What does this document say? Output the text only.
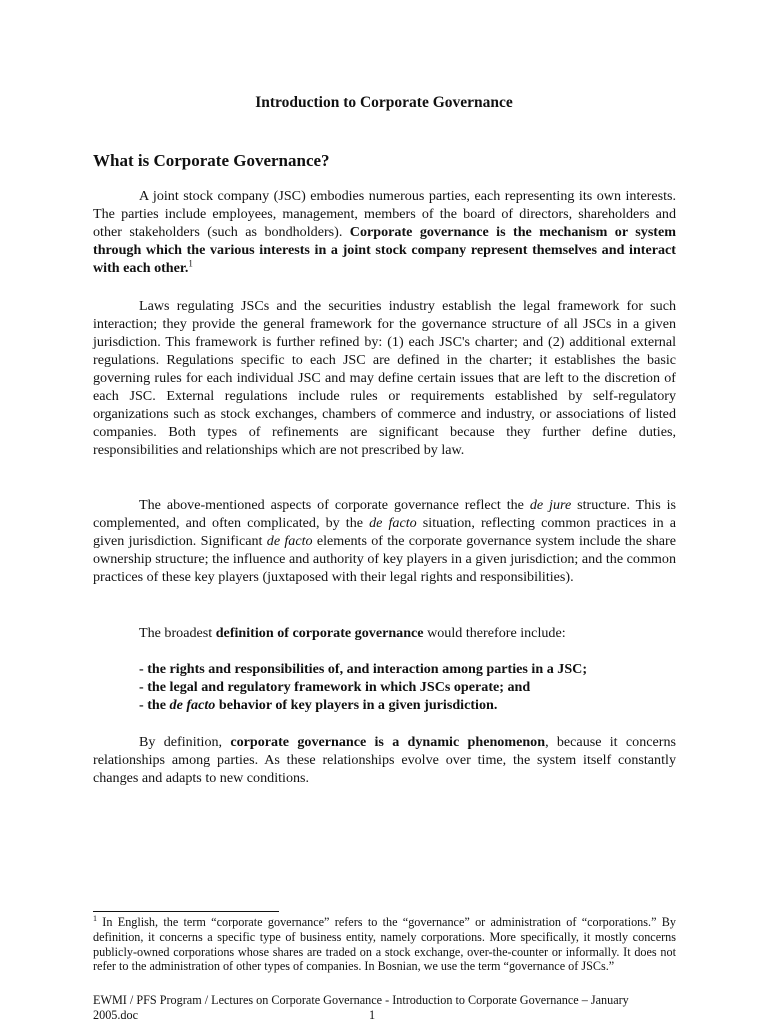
Introduction to Corporate Governance
What is Corporate Governance?

A joint stock company (JSC) embodies numerous parties, each representing its own interests. The parties include employees, management, members of the board of directors, shareholders and other stakeholders (such as bondholders). Corporate governance is the mechanism or system through which the various interests in a joint stock company represent themselves and interact with each other.$^1$

Laws regulating JSCs and the securities industry establish the legal framework for such interaction; they provide the general framework for the governance structure of all JSCs in a given jurisdiction. This framework is further refined by: (1) each JSC's charter; and (2) additional external regulations. Regulations specific to each JSC are defined in the charter; it establishes the basic governing rules for each individual JSC and may define certain issues that are left to the discretion of each JSC. External regulations include rules or requirements established by self-regulatory organizations such as stock exchanges, chambers of commerce and industry, or associations of listed companies. Both types of refinements are significant because they further define duties, responsibilities and relationships which are not prescribed by law.

The above-mentioned aspects of corporate governance reflect the de jure structure. This is complemented, and often complicated, by the de facto situation, reflecting common practices in a given jurisdiction. Significant de facto elements of the corporate governance system include the share ownership structure; the influence and authority of key players in a given jurisdiction; and the common practices of these key players (juxtaposed with their legal rights and responsibilities).

The broadest definition of corporate governance would therefore include:

- the rights and responsibilities of, and interaction among parties in a JSC;
- the legal and regulatory framework in which JSCs operate; and
- the de facto behavior of key players in a given jurisdiction.

By definition, corporate governance is a dynamic phenomenon, because it concerns relationships among parties. As these relationships evolve over time, the system itself constantly changes and adapts to new conditions.

$^1$ In English, the term “corporate governance” refers to the “governance” or administration of “corporations.” By definition, it concerns a specific type of business entity, namely corporations. More specifically, it mostly concerns publicly-owned corporations whose shares are traded on a stock exchange, over-the-counter or informally. It does not refer to the administration of other types of companies. In Bosnian, we use the term “governance of JSCs.”

EWMI / PFS Program / Lectures on Corporate Governance - Introduction to Corporate Governance – January

2005.doc	1
